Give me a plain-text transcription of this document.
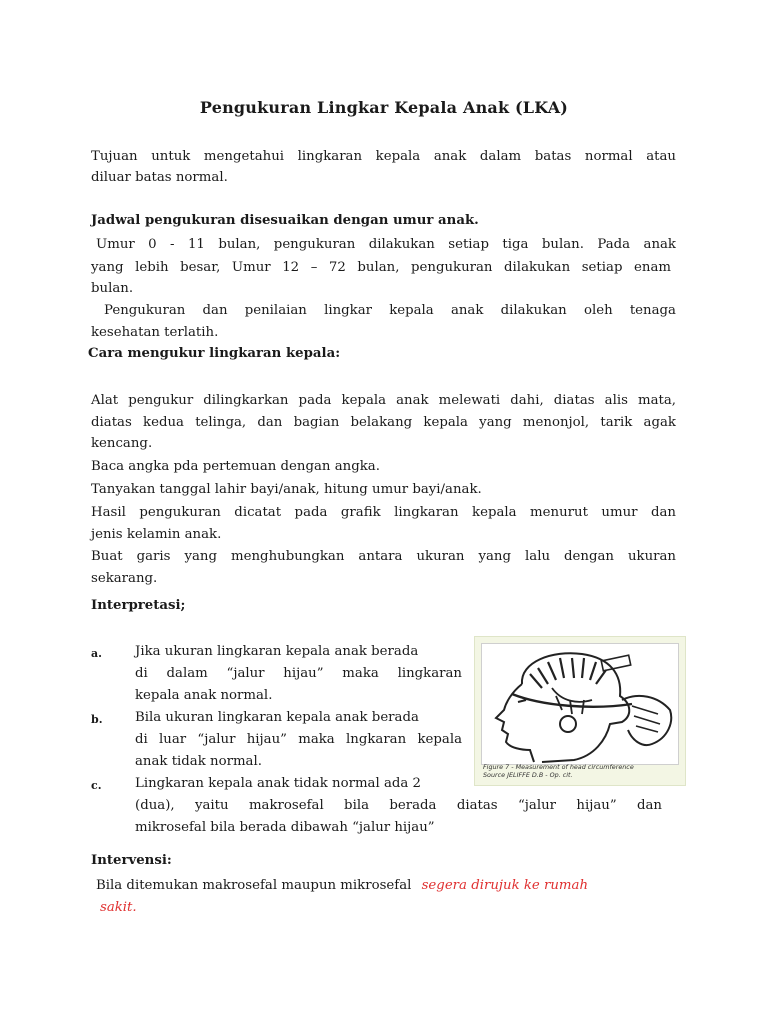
Pengukuran Lingkar Kepala Anak (LKA)
Tujuan untuk mengetahui lingkaran kepala anak dalam batas normal atau
diluar batas normal.
Jadwal pengukuran disesuaikan dengan umur anak.
Umur 0 - 11 bulan, pengukuran dilakukan setiap tiga bulan. Pada anak
yang lebih besar, Umur 12 – 72 bulan, pengukuran dilakukan setiap enam
bulan.
Pengukuran dan penilaian lingkar kepala anak dilakukan oleh tenaga
kesehatan terlatih.
Cara mengukur lingkaran kepala:
Alat pengukur dilingkarkan pada kepala anak melewati dahi, diatas alis mata,
diatas kedua telinga, dan bagian belakang kepala yang menonjol, tarik agak
kencang.
Baca angka pda pertemuan dengan angka.
Tanyakan tanggal lahir bayi/anak, hitung umur bayi/anak.
Hasil pengukuran dicatat pada grafik lingkaran kepala menurut umur dan
jenis kelamin anak.
Buat garis yang menghubungkan antara ukuran yang lalu dengan ukuran
sekarang.
Interpretasi;
a. Jika ukuran lingkaran kepala anak berada
di dalam “jalur hijau” maka lingkaran
kepala anak normal.
b. Bila ukuran lingkaran kepala anak berada
di luar “jalur hijau” maka lngkaran kepala
anak tidak normal.
c.	Lingkaran kepala anak tidak normal ada 2
(dua), yaitu makrosefal bila berada diatas “jalur hijau” dan
mikrosefal bila berada dibawah “jalur hijau”
Figure 7 - Measurement of head circumference
Source JELIFFE D.B - Op. cit.
Intervensi:
Bila ditemukan makrosefal maupun mikrosefal segera dirujuk ke rumah
sakit.
